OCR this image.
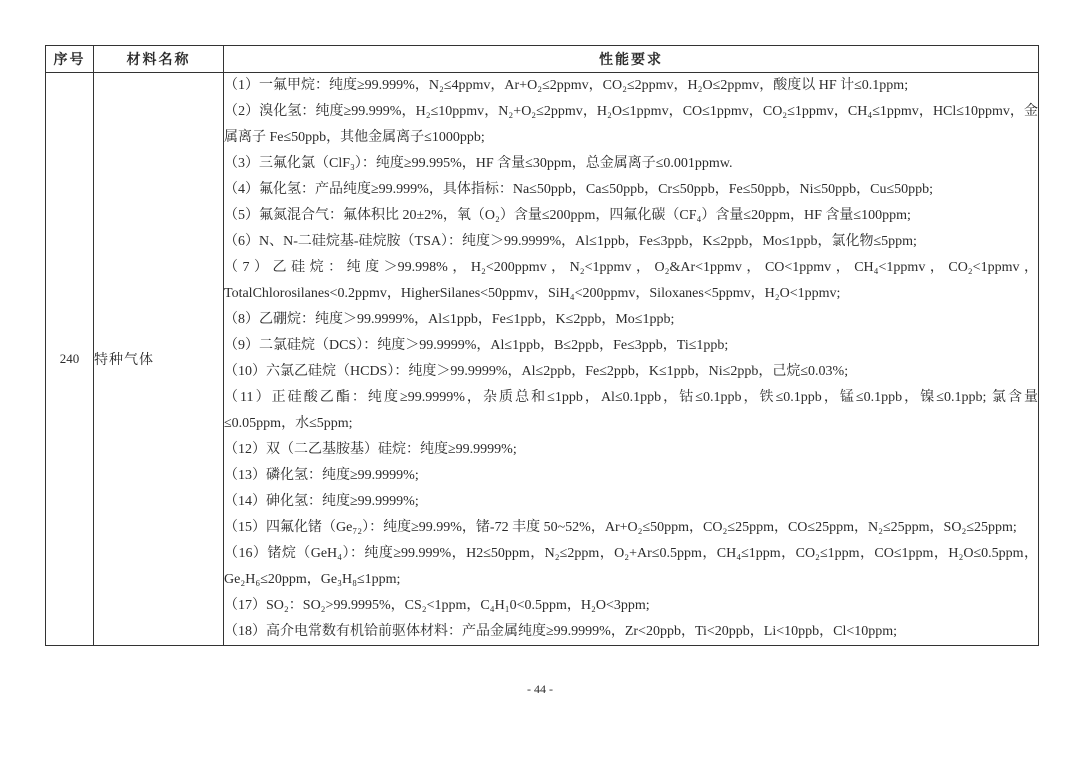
序号	材料名称	性能要求
240	特种气体	

（1）一氟甲烷：纯度≥99.999%，N₂≤4ppmv，Ar+O₂≤2ppmv，CO₂≤2ppmv，H₂O≤2ppmv，酸度以 HF 计≤0.1ppm;

（2）溴化氢：纯度≥99.999%，H₂≤10ppmv，N₂+O₂≤2ppmv，H₂O≤1ppmv，CO≤1ppmv，CO₂≤1ppmv，CH₄≤1ppmv，HCl≤10ppmv，金属离子 Fe≤50ppb，其他金属离子≤1000ppb;

（3）三氟化氯（ClF₃）：纯度≥99.995%，HF 含量≤30ppm，总金属离子≤0.001ppmw.

（4）氟化氢：产品纯度≥99.999%，具体指标：Na≤50ppb，Ca≤50ppb，Cr≤50ppb，Fe≤50ppb，Ni≤50ppb，Cu≤50ppb;

（5）氟氮混合气：氟体积比 20±2%，氧（O₂）含量≤200ppm，四氟化碳（CF₄）含量≤20ppm，HF 含量≤100ppm;

（6）N、N-二硅烷基-硅烷胺（TSA）：纯度＞99.9999%，Al≤1ppb，Fe≤3ppb，K≤2ppb，Mo≤1ppb，氯化物≤5ppm;

（7）乙硅烷：纯度＞99.998%，H₂<200ppmv，N₂<1ppmv，O₂&Ar<1ppmv，CO<1ppmv，CH₄<1ppmv，CO₂<1ppmv，TotalChlorosilanes<0.2ppmv，HigherSilanes<50ppmv，SiH₄<200ppmv，Siloxanes<5ppmv，H₂O<1ppmv;

（8）乙硼烷：纯度＞99.9999%，Al≤1ppb，Fe≤1ppb，K≤2ppb，Mo≤1ppb;

（9）二氯硅烷（DCS）：纯度＞99.9999%，Al≤1ppb，B≤2ppb，Fe≤3ppb，Ti≤1ppb;

（10）六氯乙硅烷（HCDS）：纯度＞99.9999%，Al≤2ppb，Fe≤2ppb，K≤1ppb，Ni≤2ppb，己烷≤0.03%;

（11）正硅酸乙酯：纯度≥99.9999%，杂质总和≤1ppb，Al≤0.1ppb，钴≤0.1ppb，铁≤0.1ppb，锰≤0.1ppb，镍≤0.1ppb; 氯含量≤0.05ppm，水≤5ppm;

（12）双（二乙基胺基）硅烷：纯度≥99.9999%;

（13）磷化氢：纯度≥99.9999%;

（14）砷化氢：纯度≥99.9999%;

（15）四氟化锗（Ge₇₂）：纯度≥99.99%，锗-72 丰度 50~52%，Ar+O₂≤50ppm，CO₂≤25ppm，CO≤25ppm，N₂≤25ppm，SO₂≤25ppm;

（16）锗烷（GeH₄）：纯度≥99.999%，H2≤50ppm，N₂≤2ppm，O₂+Ar≤0.5ppm，CH₄≤1ppm，CO₂≤1ppm，CO≤1ppm，H₂O≤0.5ppm，Ge₂H₆≤20ppm，Ge₃H₈≤1ppm;

（17）SO₂：SO₂>99.9995%，CS₂<1ppm，C₄H₁0<0.5ppm，H₂O<3ppm;

（18）高介电常数有机铪前驱体材料：产品金属纯度≥99.9999%，Zr<20ppb，Ti<20ppb，Li<10ppb，Cl<10ppm;

- 44 -
